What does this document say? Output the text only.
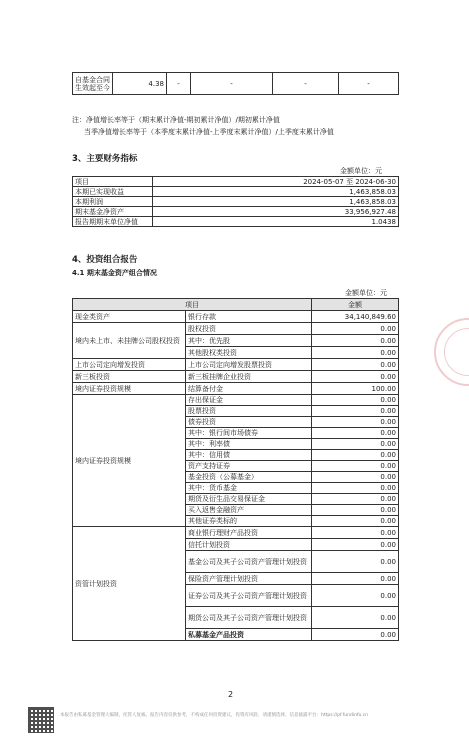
自基金合同生效起至今	4.38	-	-	-	-
注：净值增长率等于（期末累计净值-期初累计净值）/期初累计净值
当季净值增长率等于（本季度末累计净值-上季度末累计净值）/上季度末累计净值
3、主要财务指标
金额单位：元
项目	2024-05-07 至 2024-06-30
本期已实现收益	1,463,858.03
本期利润	1,463,858.03
期末基金净资产	33,956,927.48
报告期期末单位净值	1.0438
4、投资组合报告
4.1 期末基金资产组合情况
金额单位：元
项目		金额
现金类资产	银行存款	34,140,849.60
境内未上市、未挂牌公司股权投资	股权投资	0.00
	其中：优先股	0.00
	其他股权类投资	0.00
上市公司定向增发投资	上市公司定向增发股票投资	0.00
新三板投资	新三板挂牌企业投资	0.00
境内证券投资规模	结算备付金	100.00
境内证券投资规模	存出保证金	0.00
	股票投资	0.00
	债券投资	0.00
	其中：银行间市场债券	0.00
	其中：利率债	0.00
	其中：信用债	0.00
	资产支持证券	0.00
	基金投资（公募基金）	0.00
	其中：货币基金	0.00
	期货及衍生品交易保证金	0.00
	买入返售金融资产	0.00
	其他证券类标的	0.00
资管计划投资	商业银行理财产品投资	0.00
	信托计划投资	0.00
	基金公司及其子公司资产管理计划投资	0.00
	保险资产管理计划投资	0.00
	证券公司及其子公司资产管理计划投资	0.00
	期货公司及其子公司资产管理计划投资	0.00
	私募基金产品投资	0.00
2
本报告由私募基金管理人编制，托管人复核。报告内容仅供参考，不构成任何投资建议，投资有风险，请谨慎选择。信息披露平台：https://pf.fundinfo.cn
